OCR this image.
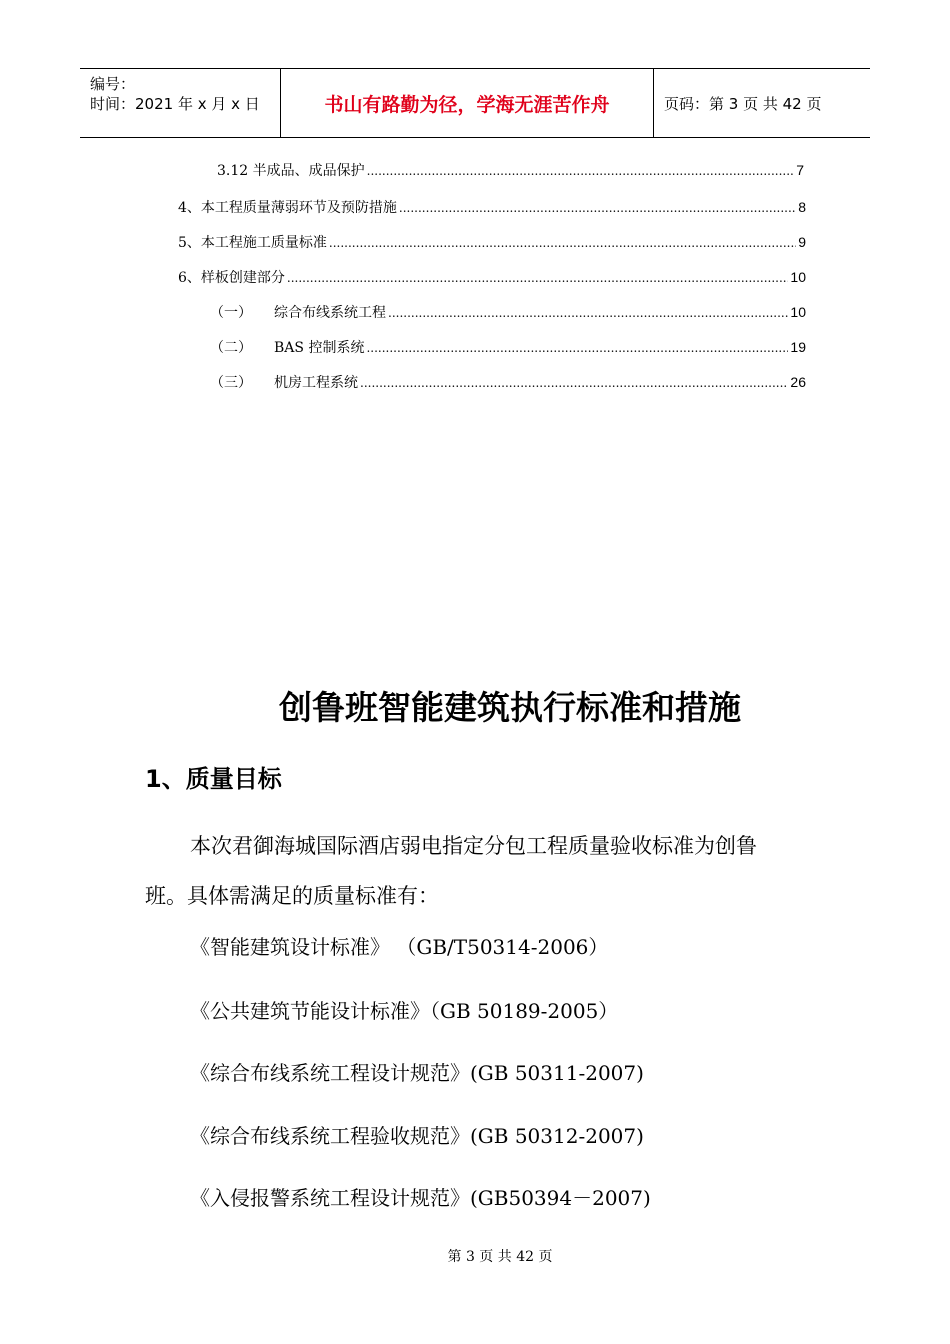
编号：
时间：2021 年 x 月 x 日	书山有路勤为径，学海无涯苦作舟	页码：第 3 页 共 42 页
3.12 半成品、成品保护 .....	7
4、本工程质量薄弱环节及预防措施 .....	8
5、本工程施工质量标准 .....	9
6、样板创建部分 .....	10
（一）	综合布线系统工程 .....	10
（二）	BAS 控制系统 .....	19
（三）	机房工程系统 .....	26
创鲁班智能建筑执行标准和措施
1、质量目标
本次君御海城国际酒店弱电指定分包工程质量验收标准为创鲁
班。具体需满足的质量标准有：
《智能建筑设计标准》 （GB/T50314-2006）
《公共建筑节能设计标准》（GB 50189-2005）
《综合布线系统工程设计规范》(GB 50311-2007)
《综合布线系统工程验收规范》(GB 50312-2007)
《入侵报警系统工程设计规范》(GB50394－2007)
第 3 页 共 42 页
